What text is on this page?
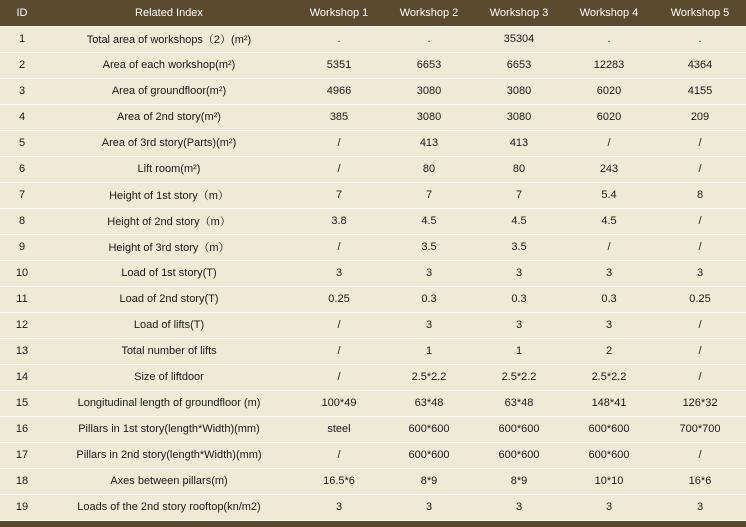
ID	Related Index	Workshop 1	Workshop 2	Workshop 3	Workshop 4	Workshop 5
1	Total area of workshops（2）(m²)	.	.	35304	.	.
2	Area of each workshop(m²)	5351	6653	6653	12283	4364
3	Area of groundfloor(m²)	4966	3080	3080	6020	4155
4	Area of 2nd story(m²)	385	3080	3080	6020	209
5	Area of 3rd story(Parts)(m²)	/	413	413	/	/
6	Lift room(m²)	/	80	80	243	/
7	Height of 1st story（m）	7	7	7	5.4	8
8	Height of 2nd story（m）	3.8	4.5	4.5	4.5	/
9	Height of 3rd story（m）	/	3.5	3.5	/	/
10	Load of 1st story(T)	3	3	3	3	3
11	Load of 2nd story(T)	0.25	0.3	0.3	0.3	0.25
12	Load of lifts(T)	/	3	3	3	/
13	Total number of lifts	/	1	1	2	/
14	Size of liftdoor	/	2.5*2.2	2.5*2.2	2.5*2.2	/
15	Longitudinal length of groundfloor (m)	100*49	63*48	63*48	148*41	126*32
16	Pillars in 1st story(length*Width)(mm)	steel	600*600	600*600	600*600	700*700
17	Pillars in 2nd story(length*Width)(mm)	/	600*600	600*600	600*600	/
18	Axes between pillars(m)	16.5*6	8*9	8*9	10*10	16*6
19	Loads of the 2nd story rooftop(kn/m2)	3	3	3	3	3
